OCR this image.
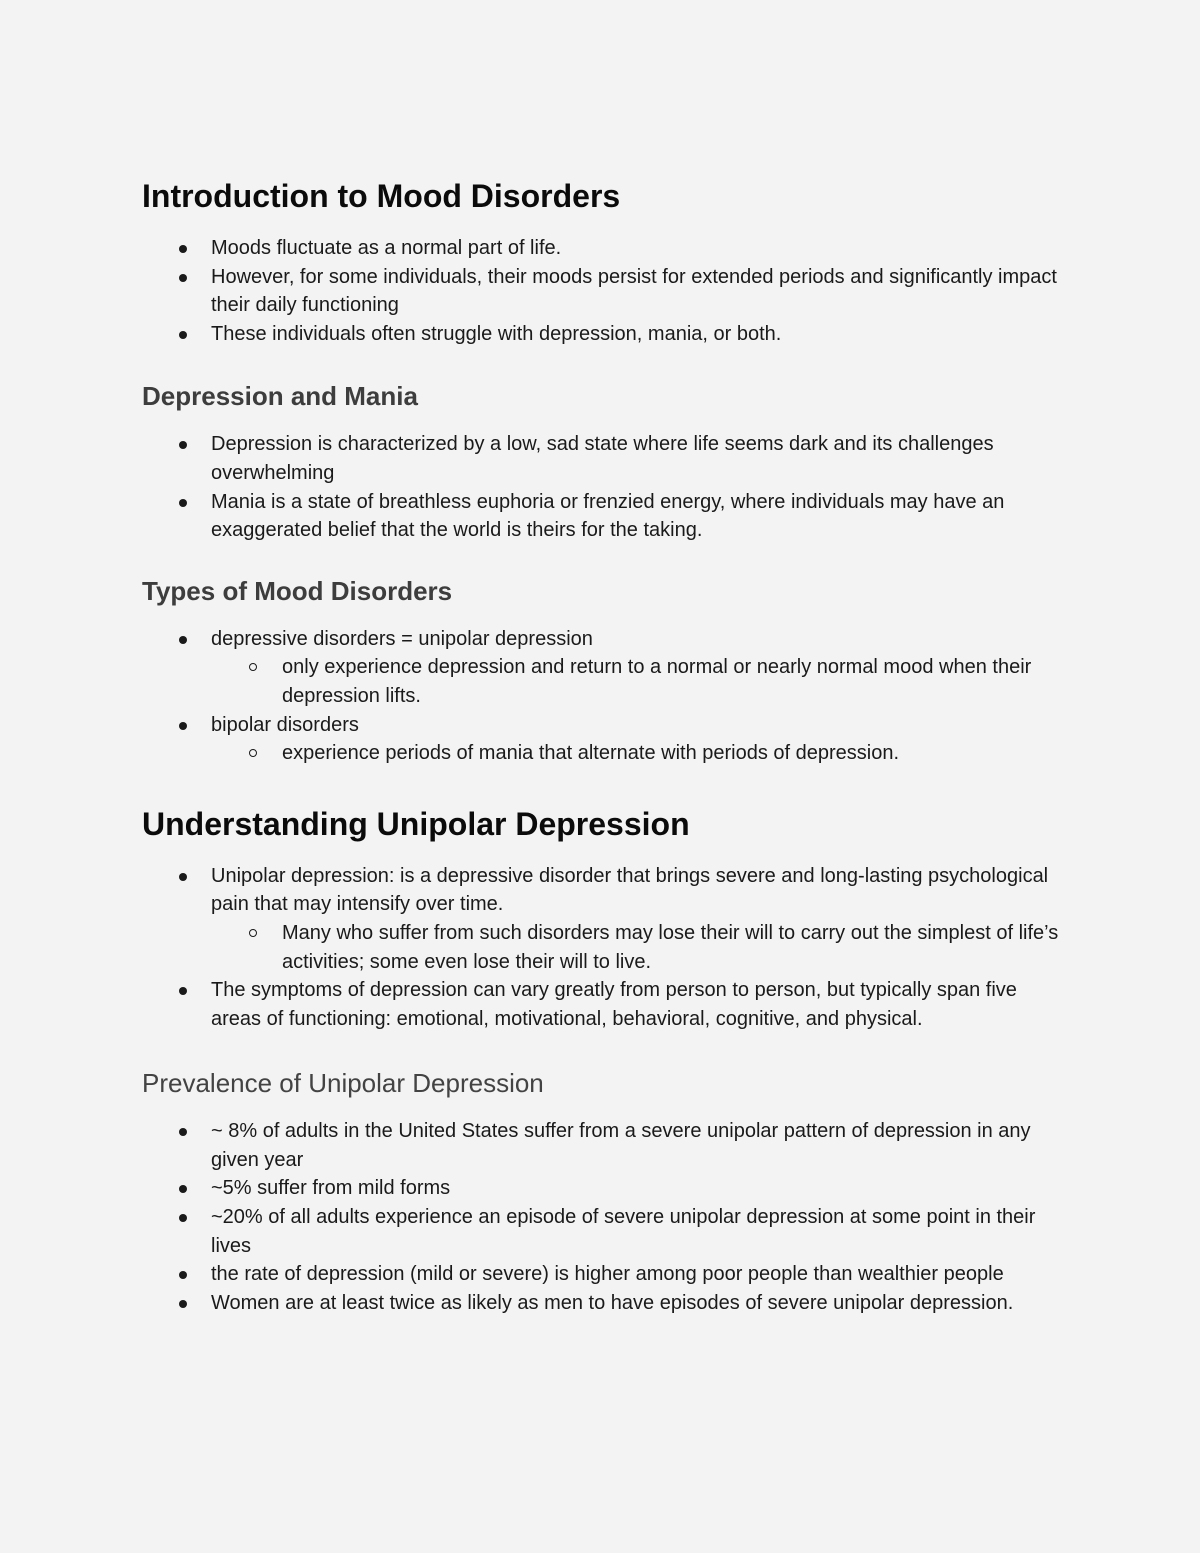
Introduction to Mood Disorders
Moods fluctuate as a normal part of life.
However, for some individuals, their moods persist for extended periods and significantly impact their daily functioning
These individuals often struggle with depression, mania, or both.
Depression and Mania
Depression is characterized by a low, sad state where life seems dark and its challenges overwhelming
Mania is a state of breathless euphoria or frenzied energy, where individuals may have an exaggerated belief that the world is theirs for the taking.
Types of Mood Disorders
depressive disorders = unipolar depression
only experience depression and return to a normal or nearly normal mood when their depression lifts.
bipolar disorders
experience periods of mania that alternate with periods of depression.
Understanding Unipolar Depression
Unipolar depression: is a depressive disorder that brings severe and long-lasting psychological pain that may intensify over time.
Many who suffer from such disorders may lose their will to carry out the simplest of life’s activities; some even lose their will to live.
The symptoms of depression can vary greatly from person to person, but typically span five areas of functioning: emotional, motivational, behavioral, cognitive, and physical.
Prevalence of Unipolar Depression
~ 8% of adults in the United States suffer from a severe unipolar pattern of depression in any given year
~5% suffer from mild forms
~20% of all adults experience an episode of severe unipolar depression at some point in their lives
the rate of depression (mild or severe) is higher among poor people than wealthier people
Women are at least twice as likely as men to have episodes of severe unipolar depression.
